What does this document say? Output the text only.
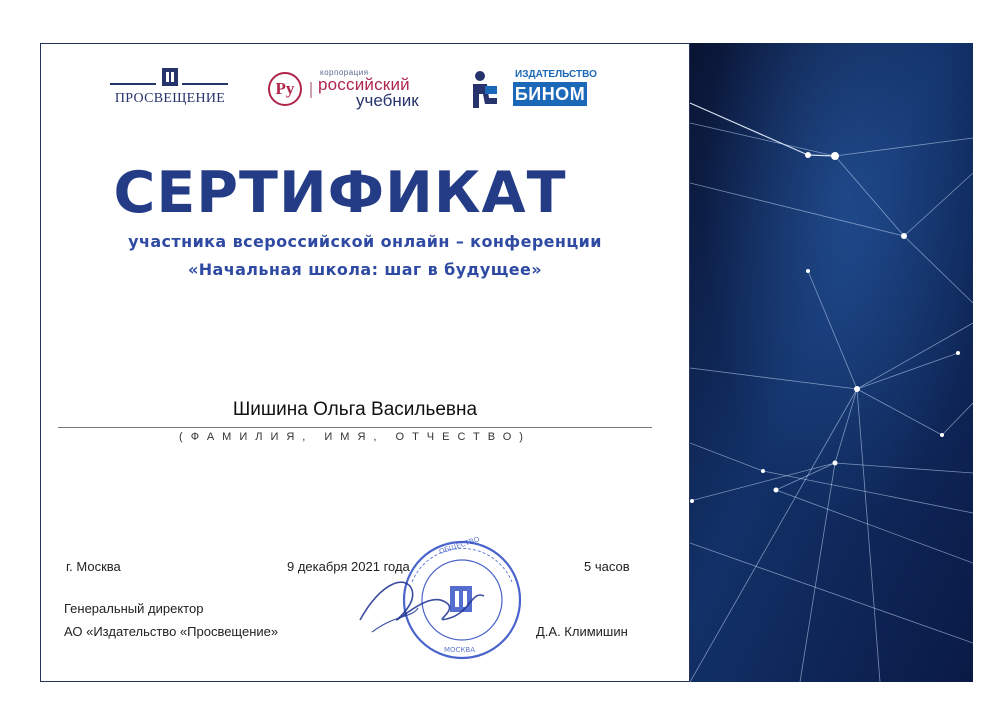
ПРОСВЕЩЕНИЕ
Ру
корпорация
российский
учебник
ИЗДАТЕЛЬСТВО
БИНОМ
СЕРТИФИКАТ
участника всероссийской онлайн – конференции
«Начальная школа: шаг в будущее»
Шишина Ольга Васильевна
(ФАМИЛИЯ, ИМЯ, ОТЧЕСТВО)
г. Москва	9 декабря 2021 года	5 часов
Генеральный директор
АО «Издательство «Просвещение»	Д.А. Климишин
ОБЩЕСТВО
МОСКВА
